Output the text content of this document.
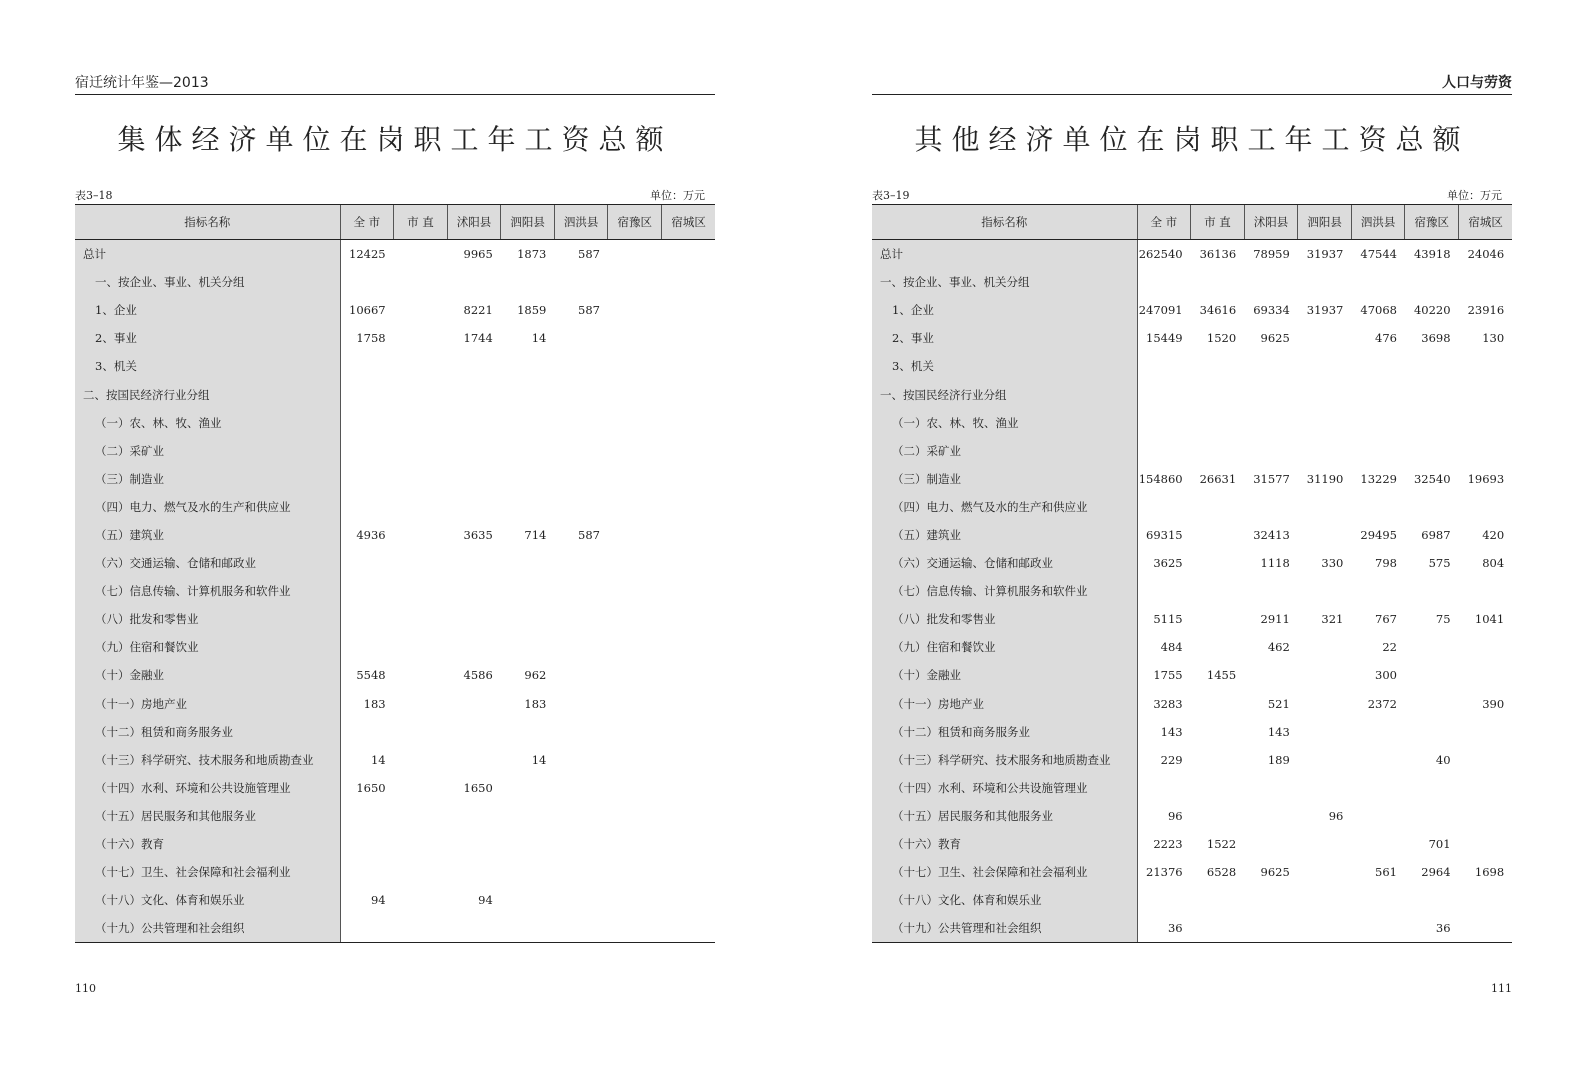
宿迁统计年鉴—2013
集体经济单位在岗职工年工资总额
表3–18	单位：万元
指标名称	全 市	市 直	沭阳县	泗阳县	泗洪县	宿豫区	宿城区
总计	12425		9965	1873	587		
一、按企业、事业、机关分组							
1、企业	10667		8221	1859	587		
2、事业	1758		1744	14			
3、机关							
二、按国民经济行业分组							
（一）农、林、牧、渔业							
（二）采矿业							
（三）制造业							
（四）电力、燃气及水的生产和供应业							
（五）建筑业	4936		3635	714	587		
（六）交通运输、仓储和邮政业							
（七）信息传输、计算机服务和软件业							
（八）批发和零售业							
（九）住宿和餐饮业							
（十）金融业	5548		4586	962			
（十一）房地产业	183			183			
（十二）租赁和商务服务业							
（十三）科学研究、技术服务和地质勘查业	14			14			
（十四）水利、环境和公共设施管理业	1650		1650				
（十五）居民服务和其他服务业							
（十六）教育							
（十七）卫生、社会保障和社会福利业							
（十八）文化、体育和娱乐业	94		94				
（十九）公共管理和社会组织							
110
人口与劳资
其他经济单位在岗职工年工资总额
表3–19	单位：万元
指标名称	全 市	市 直	沭阳县	泗阳县	泗洪县	宿豫区	宿城区
总计	262540	36136	78959	31937	47544	43918	24046
一、按企业、事业、机关分组							
1、企业	247091	34616	69334	31937	47068	40220	23916
2、事业	15449	1520	9625		476	3698	130
3、机关							
一、按国民经济行业分组							
（一）农、林、牧、渔业							
（二）采矿业							
（三）制造业	154860	26631	31577	31190	13229	32540	19693
（四）电力、燃气及水的生产和供应业							
（五）建筑业	69315		32413		29495	6987	420
（六）交通运输、仓储和邮政业	3625		1118	330	798	575	804
（七）信息传输、计算机服务和软件业							
（八）批发和零售业	5115		2911	321	767	75	1041
（九）住宿和餐饮业	484		462		22		
（十）金融业	1755	1455			300		
（十一）房地产业	3283		521		2372		390
（十二）租赁和商务服务业	143		143				
（十三）科学研究、技术服务和地质勘查业	229		189			40	
（十四）水利、环境和公共设施管理业							
（十五）居民服务和其他服务业	96			96			
（十六）教育	2223	1522				701	
（十七）卫生、社会保障和社会福利业	21376	6528	9625		561	2964	1698
（十八）文化、体育和娱乐业							
（十九）公共管理和社会组织	36					36	
111
